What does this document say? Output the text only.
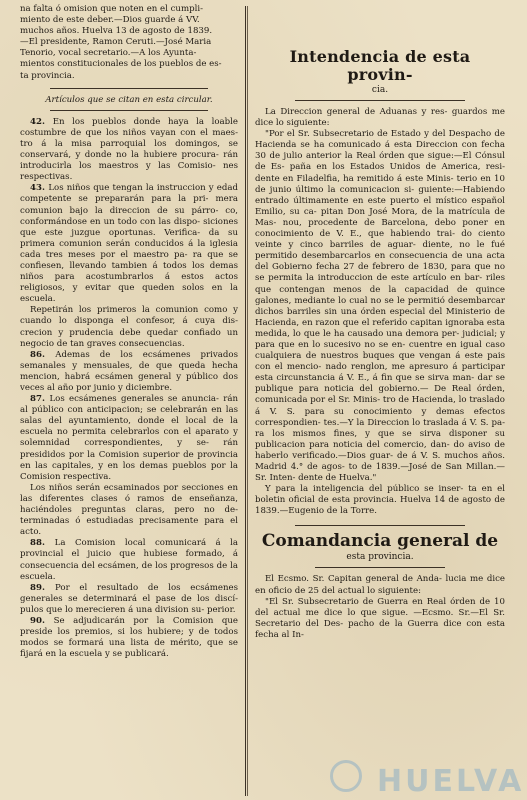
na falta ó omision que noten en el cumpli-

miento de este deber.—Dios guarde á VV.

muchos años. Huelva 13 de agosto de 1839.

—El presidente, Ramon Ceruti.—José Maria

Tenorio, vocal secretario.—A los Ayunta-

mientos constitucionales de los pueblos de es-

ta provincia.

Artículos que se citan en esta circular.

42. En los pueblos donde haya la loable costumbre de que los niños vayan con el maes- tro á la misa parroquial los domingos, se conservará, y donde no la hubiere procura- rán introducirla los maestros y las Comisio- nes respectivas.

43. Los niños que tengan la instruccion y edad competente se prepararán para la pri- mera comunion bajo la direccion de su párro- co, conformándose en un todo con las dispo- siciones que este juzgue oportunas. Verifica- da su primera comunion serán conducidos á la iglesia cada tres meses por el maestro pa- ra que se confiesen, llevando tambien á todos los demas niños para acostumbrarlos á estos actos religiosos, y evitar que queden solos en la escuela.

Repetirán los primeros la comunion como y cuando lo disponga el confesor, á cuya dis- crecion y prudencia debe quedar confiado un negocio de tan graves consecuencias.

86. Ademas de los ecsámenes privados semanales y mensuales, de que queda hecha mencion, habrá ecsámen general y público dos veces al año por junio y diciembre.

87. Los ecsámenes generales se anuncia- rán al público con anticipacion; se celebrarán en las salas del ayuntamiento, donde el local de la escuela no permita celebrarlos con el aparato y solemnidad correspondientes, y se- rán presididos por la Comision superior de provincia en las capitales, y en los demas pueblos por la Comision respectiva.

Los niños serán ecsaminados por secciones en las diferentes clases ó ramos de enseñanza, haciéndoles preguntas claras, pero no de- terminadas ó estudiadas precisamente para el acto.

88. La Comision local comunicará á la provincial el juicio que hubiese formado, á consecuencia del ecsámen, de los progresos de la escuela.

89. Por el resultado de los ecsámenes generales se determinará el pase de los discí- pulos que lo merecieren á una division su- perior.

90. Se adjudicarán por la Comision que preside los premios, si los hubiere; y de todos modos se formará una lista de mérito, que se fijará en la escuela y se publicará.

Intendencia de esta provin-

cia.

La Direccion general de Aduanas y res- guardos me dice lo siguiente:

"Por el Sr. Subsecretario de Estado y del Despacho de Hacienda se ha comunicado á esta Direccion con fecha 30 de julio anterior la Real órden que sigue:—El Cónsul de Es- paña en los Estados Unidos de America, resi- dente en Filadelfia, ha remitido á este Minis- terio en 10 de junio último la comunicacion si- guiente:—Habiendo entrado últimamente en este puerto el místico español Emilio, su ca- pitan Don José Mora, de la matrícula de Mas- nou, procedente de Barcelona, debo poner en conocimiento de V. E., que habiendo trai- do ciento veinte y cinco barriles de aguar- diente, no le fué permitido desembarcarlos en consecuencia de una acta del Gobierno fecha 27 de febrero de 1830, para que no se permita la introduccion de este artículo en bar- riles que contengan menos de la capacidad de quince galones, mediante lo cual no se le permitió desembarcar dichos barriles sin una órden especial del Ministerio de Hacienda, en razon que el referido capitan ignoraba esta medida, lo que le ha causado una demora per- judicial; y para que en lo sucesivo no se en- cuentre en igual caso cualquiera de nuestros buques que vengan á este pais con el mencio- nado renglon, me apresuro á participar esta circunstancia á V. E., á fin que se sirva man- dar se publique para noticia del gobierno.— De Real órden, comunicada por el Sr. Minis- tro de Hacienda, lo traslado á V. S. para su conocimiento y demas efectos correspondien- tes.—Y la Direccion lo traslada á V. S. pa- ra los mismos fines, y que se sirva disponer su publicacion para noticia del comercio, dan- do aviso de haberlo verificado.—Dios guar- de á V. S. muchos años. Madrid 4.° de agos- to de 1839.—José de San Millan.—Sr. Inten- dente de Huelva."

Y para la inteligencia del público se inser- ta en el boletin oficial de esta provincia. Huelva 14 de agosto de 1839.—Eugenio de la Torre.

Comandancia general de

esta provincia.

El Ecsmo. Sr. Capitan general de Anda- lucia me dice en oficio de 25 del actual lo siguiente:

"El Sr. Subsecretario de Guerra en Real órden de 10 del actual me dice lo que sigue. —Ecsmo. Sr.—El Sr. Secretario del Des- pacho de la Guerra dice con esta fecha al In-

HUELVA
